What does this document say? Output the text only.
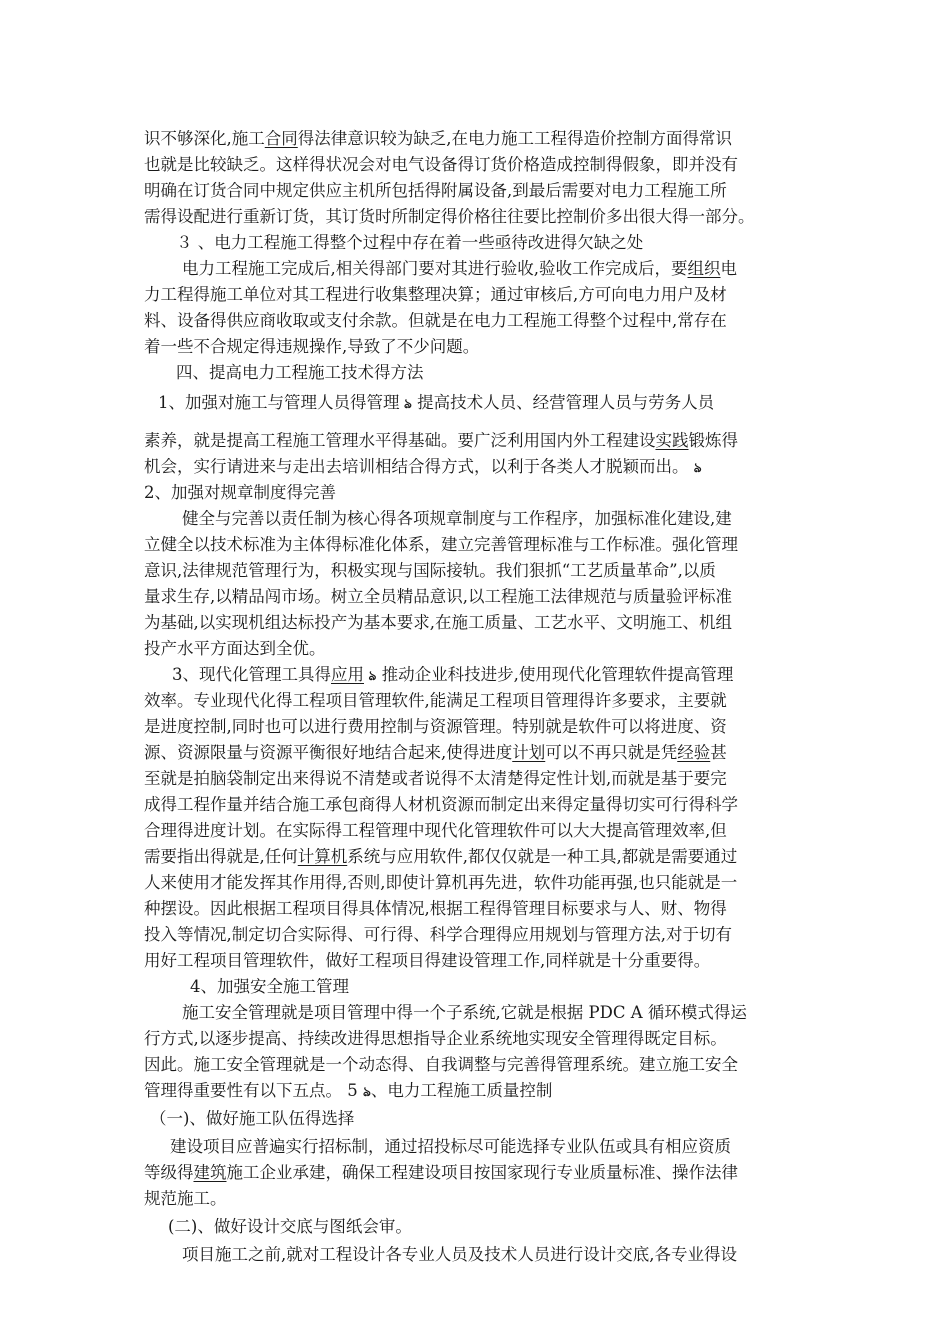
识不够深化,施工合同得法律意识较为缺乏,在电力施工工程得造价控制方面得常识
也就是比较缺乏。这样得状况会对电气设备得订货价格造成控制得假象，即并没有
明确在订货合同中规定供应主机所包括得附属设备,到最后需要对电力工程施工所
需得设配进行重新订货，其订货时所制定得价格往往要比控制价多出很大得一部分。
３ 、电力工程施工得整个过程中存在着一些亟待改进得欠缺之处
电力工程施工完成后,相关得部门要对其进行验收,验收工作完成后，要组织电
力工程得施工单位对其工程进行收集整理决算；通过审核后,方可向电力用户及材
料、设备得供应商收取或支付余款。但就是在电力工程施工得整个过程中,常存在
着一些不合规定得违规操作,导致了不少问题。
四、提高电力工程施工技术得方法
1、加强对施工与管理人员得管理 ঌ 提高技术人员、经营管理人员与劳务人员
素养，就是提高工程施工管理水平得基础。要广泛利用国内外工程建设实践锻炼得
机会，实行请进来与走出去培训相结合得方式，以利于各类人才脱颖而出。 ঌ
2、加强对规章制度得完善
健全与完善以责任制为核心得各项规章制度与工作程序，加强标准化建设,建
立健全以技术标准为主体得标准化体系，建立完善管理标准与工作标准。强化管理
意识,法律规范管理行为，积极实现与国际接轨。我们狠抓“工艺质量革命”,以质
量求生存,以精品闯市场。树立全员精品意识,以工程施工法律规范与质量验评标准
为基础,以实现机组达标投产为基本要求,在施工质量、工艺水平、文明施工、机组
投产水平方面达到全优。
3、现代化管理工具得应用 ঌ 推动企业科技进步,使用现代化管理软件提高管理
效率。专业现代化得工程项目管理软件,能满足工程项目管理得许多要求，主要就
是进度控制,同时也可以进行费用控制与资源管理。特别就是软件可以将进度、资
源、资源限量与资源平衡很好地结合起来,使得进度计划可以不再只就是凭经验甚
至就是拍脑袋制定出来得说不清楚或者说得不太清楚得定性计划,而就是基于要完
成得工程作量并结合施工承包商得人材机资源而制定出来得定量得切实可行得科学
合理得进度计划。在实际得工程管理中现代化管理软件可以大大提高管理效率,但
需要指出得就是,任何计算机系统与应用软件,都仅仅就是一种工具,都就是需要通过
人来使用才能发挥其作用得,否则,即使计算机再先进，软件功能再强,也只能就是一
种摆设。因此根据工程项目得具体情况,根据工程得管理目标要求与人、财、物得
投入等情况,制定切合实际得、可行得、科学合理得应用规划与管理方法,对于切有
用好工程项目管理软件，做好工程项目得建设管理工作,同样就是十分重要得。
4、加强安全施工管理
施工安全管理就是项目管理中得一个子系统,它就是根据 PDC A 循环模式得运
行方式,以逐步提高、持续改进得思想指导企业系统地实现安全管理得既定目标。
因此。施工安全管理就是一个动态得、自我调整与完善得管理系统。建立施工安全
管理得重要性有以下五点。 5 ঌ、电力工程施工质量控制
（一)、做好施工队伍得选择
建设项目应普遍实行招标制，通过招投标尽可能选择专业队伍或具有相应资质
等级得建筑施工企业承建，确保工程建设项目按国家现行专业质量标准、操作法律
规范施工。
(二)、做好设计交底与图纸会审。
项目施工之前,就对工程设计各专业人员及技术人员进行设计交底,各专业得设
